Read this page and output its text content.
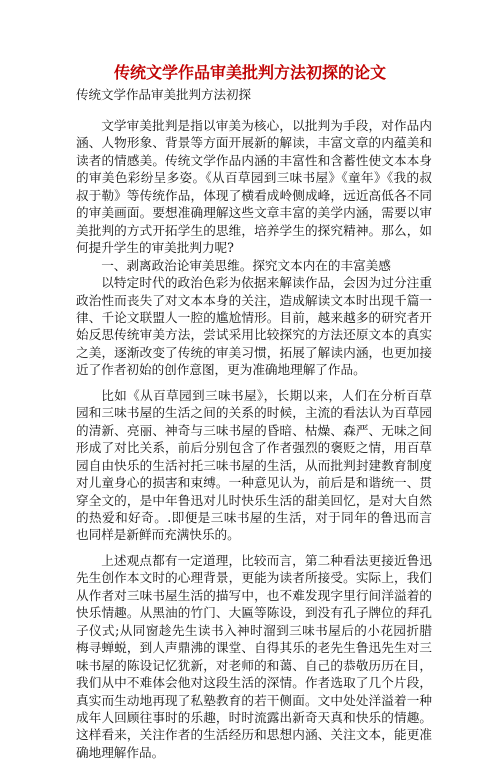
传统文学作品审美批判方法初探的论文
传统文学作品审美批判方法初探

文学审美批判是指以审美为核心，以批判为手段，对作品内涵、人物形象、背景等方面开展新的解读，丰富文章的内蕴美和读者的情感美。传统文学作品内涵的丰富性和含蓄性使文本本身的审美色彩纷呈多姿。《从百草园到三味书屋》《童年》《我的叔叔于勒》等传统作品，体现了横看成岭侧成峰，远近高低各不同的审美画面。要想准确理解这些文章丰富的美学内涵，需要以审美批判的方式开拓学生的思维，培养学生的探究精神。那么，如何提升学生的审美批判力呢?

一、剥离政治论审美思维。探究文本内在的丰富美感

以特定时代的政治色彩为依据来解读作品，会因为过分注重政治性而丧失了对文本本身的关注，造成解读文本时出现千篇一律、千论文联盟人一腔的尴尬情形。目前，越来越多的研究者开始反思传统审美方法，尝试采用比较探究的方法还原文本的真实之美，逐渐改变了传统的审美习惯，拓展了解读内涵，也更加接近了作者初始的创作意图，更为准确地理解了作品。

比如《从百草园到三味书屋》，长期以来，人们在分析百草园和三味书屋的生活之间的关系的时候，主流的看法认为百草园的清新、亮丽、神奇与三味书屋的昏暗、枯燥、森严、无味之间形成了对比关系，前后分别包含了作者强烈的褒贬之情，用百草园自由快乐的生活衬托三味书屋的生活，从而批判封建教育制度对儿童身心的损害和束缚。一种意见认为，前后是和谐统一、贯穿全文的，是中年鲁迅对儿时快乐生活的甜美回忆，是对大自然的热爱和好奇。.即便是三味书屋的生活，对于同年的鲁迅而言也同样是新鲜而充满快乐的。

上述观点都有一定道理，比较而言，第二种看法更接近鲁迅先生创作本文时的心理背景，更能为读者所接受。实际上，我们从作者对三味书屋生活的描写中，也不难发现字里行间洋溢着的快乐情趣。从黑油的竹门、大匾等陈设，到没有孔子牌位的拜孔子仪式;从同窗趁先生读书入神时溜到三味书屋后的小花园折腊梅寻蝉蜕，到人声鼎沸的课堂、自得其乐的老先生鲁迅先生对三味书屋的陈设记忆犹新，对老师的和蔼、自己的恭敬历历在目，我们从中不难体会他对这段生活的深情。作者选取了几个片段，真实而生动地再现了私塾教育的若干侧面。文中处处洋溢着一种成年人回顾往事时的乐趣，时时流露出新奇天真和快乐的情趣。这样看来，关注作者的生活经历和思想内涵、关注文本，能更准确地理解作品。
